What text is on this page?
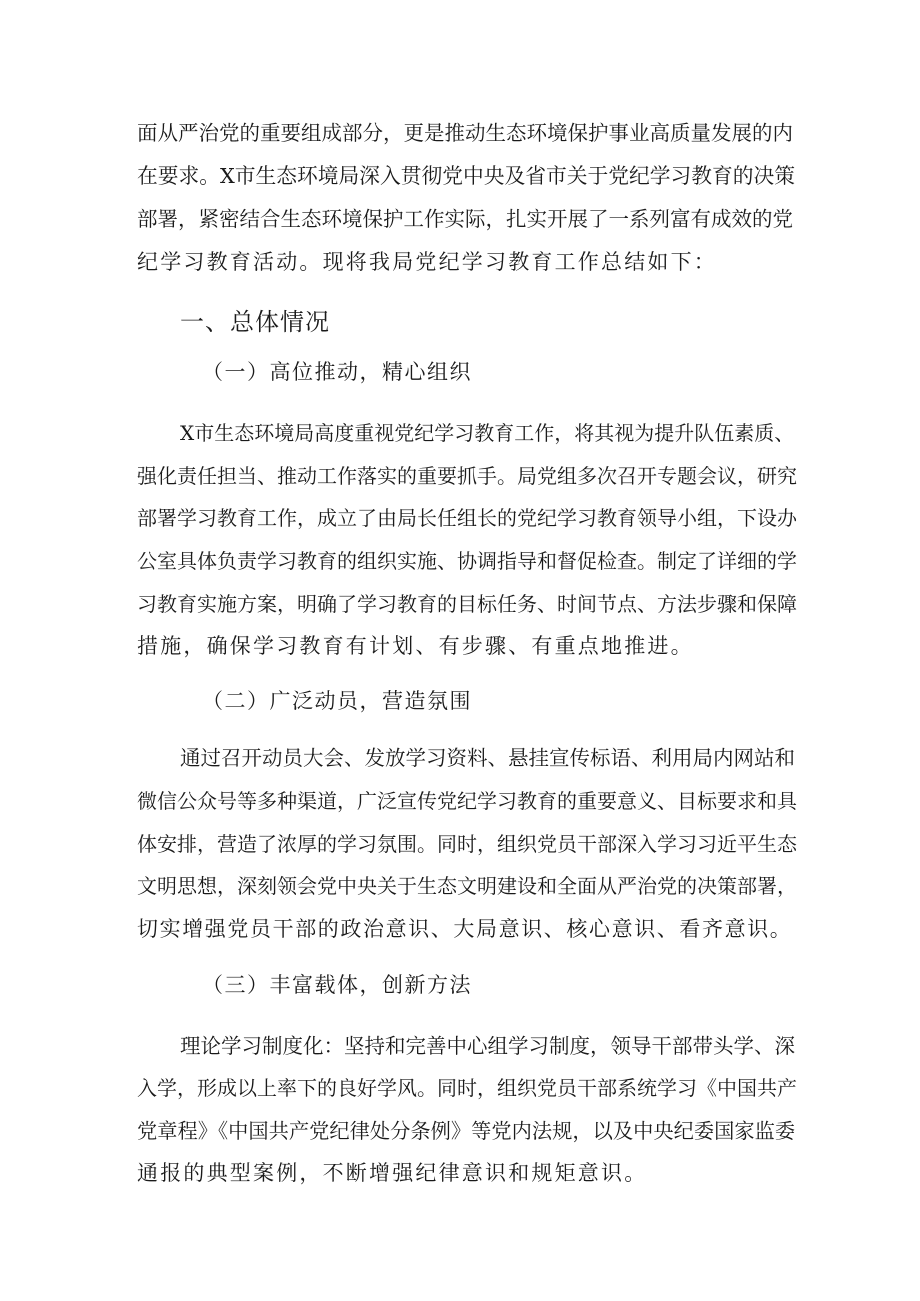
面从严治党的重要组成部分，更是推动生态环境保护事业高质量发展的内
在要求。X市生态环境局深入贯彻党中央及省市关于党纪学习教育的决策
部署，紧密结合生态环境保护工作实际，扎实开展了一系列富有成效的党
纪学习教育活动。现将我局党纪学习教育工作总结如下：
一、总体情况
（一）高位推动，精心组织
X市生态环境局高度重视党纪学习教育工作，将其视为提升队伍素质、
强化责任担当、推动工作落实的重要抓手。局党组多次召开专题会议，研究
部署学习教育工作，成立了由局长任组长的党纪学习教育领导小组，下设办
公室具体负责学习教育的组织实施、协调指导和督促检查。制定了详细的学
习教育实施方案，明确了学习教育的目标任务、时间节点、方法步骤和保障
措施，确保学习教育有计划、有步骤、有重点地推进。
（二）广泛动员，营造氛围
通过召开动员大会、发放学习资料、悬挂宣传标语、利用局内网站和
微信公众号等多种渠道，广泛宣传党纪学习教育的重要意义、目标要求和具
体安排，营造了浓厚的学习氛围。同时，组织党员干部深入学习习近平生态
文明思想，深刻领会党中央关于生态文明建设和全面从严治党的决策部署，
切实增强党员干部的政治意识、大局意识、核心意识、看齐意识。
（三）丰富载体，创新方法
理论学习制度化：坚持和完善中心组学习制度，领导干部带头学、深
入学，形成以上率下的良好学风。同时，组织党员干部系统学习《中国共产
党章程》《中国共产党纪律处分条例》等党内法规，以及中央纪委国家监委
通报的典型案例，不断增强纪律意识和规矩意识。
